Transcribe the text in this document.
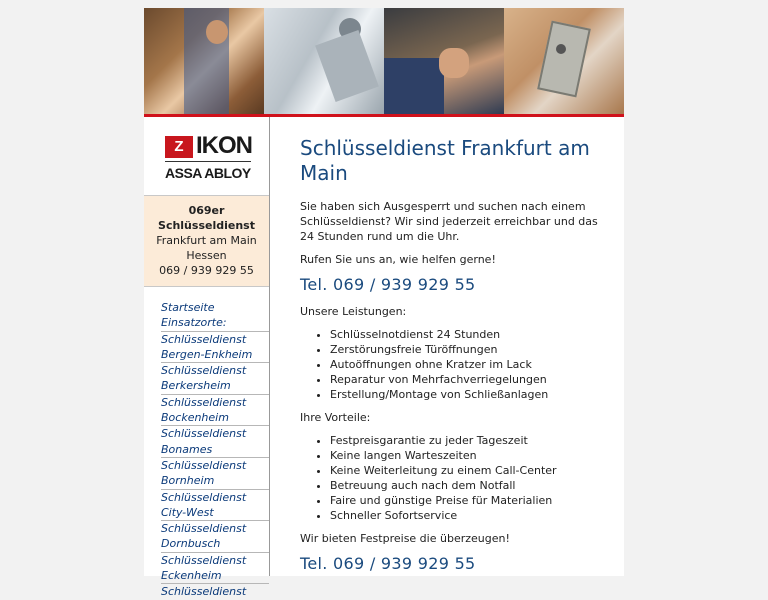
Z IKON
ASSA ABLOY
069er Schlüsseldienst
Frankfurt am Main
Hessen
069 / 939 929 55
Startseite
Einsatzorte:
Schlüsseldienst
Bergen-Enkheim
Schlüsseldienst
Berkersheim
Schlüsseldienst
Bockenheim
Schlüsseldienst
Bonames
Schlüsseldienst
Bornheim
Schlüsseldienst
City-West
Schlüsseldienst
Dornbusch
Schlüsseldienst
Eckenheim
Schlüsseldienst
Schlüsseldienst Frankfurt am Main

Sie haben sich Ausgesperrt und suchen nach einem Schlüsseldienst? Wir sind jederzeit erreichbar und das 24 Stunden rund um die Uhr.

Rufen Sie uns an, wie helfen gerne!

Tel. 069 / 939 929 55

Unsere Leistungen:

• Schlüsselnotdienst 24 Stunden
• Zerstörungsfreie Türöffnungen
• Autoöffnungen ohne Kratzer im Lack
• Reparatur von Mehrfachverriegelungen
• Erstellung/Montage von Schließanlagen

Ihre Vorteile:

• Festpreisgarantie zu jeder Tageszeit
• Keine langen Warteszeiten
• Keine Weiterleitung zu einem Call-Center
• Betreuung auch nach dem Notfall
• Faire und günstige Preise für Materialien
• Schneller Sofortservice

Wir bieten Festpreise die überzeugen!

Tel. 069 / 939 929 55
